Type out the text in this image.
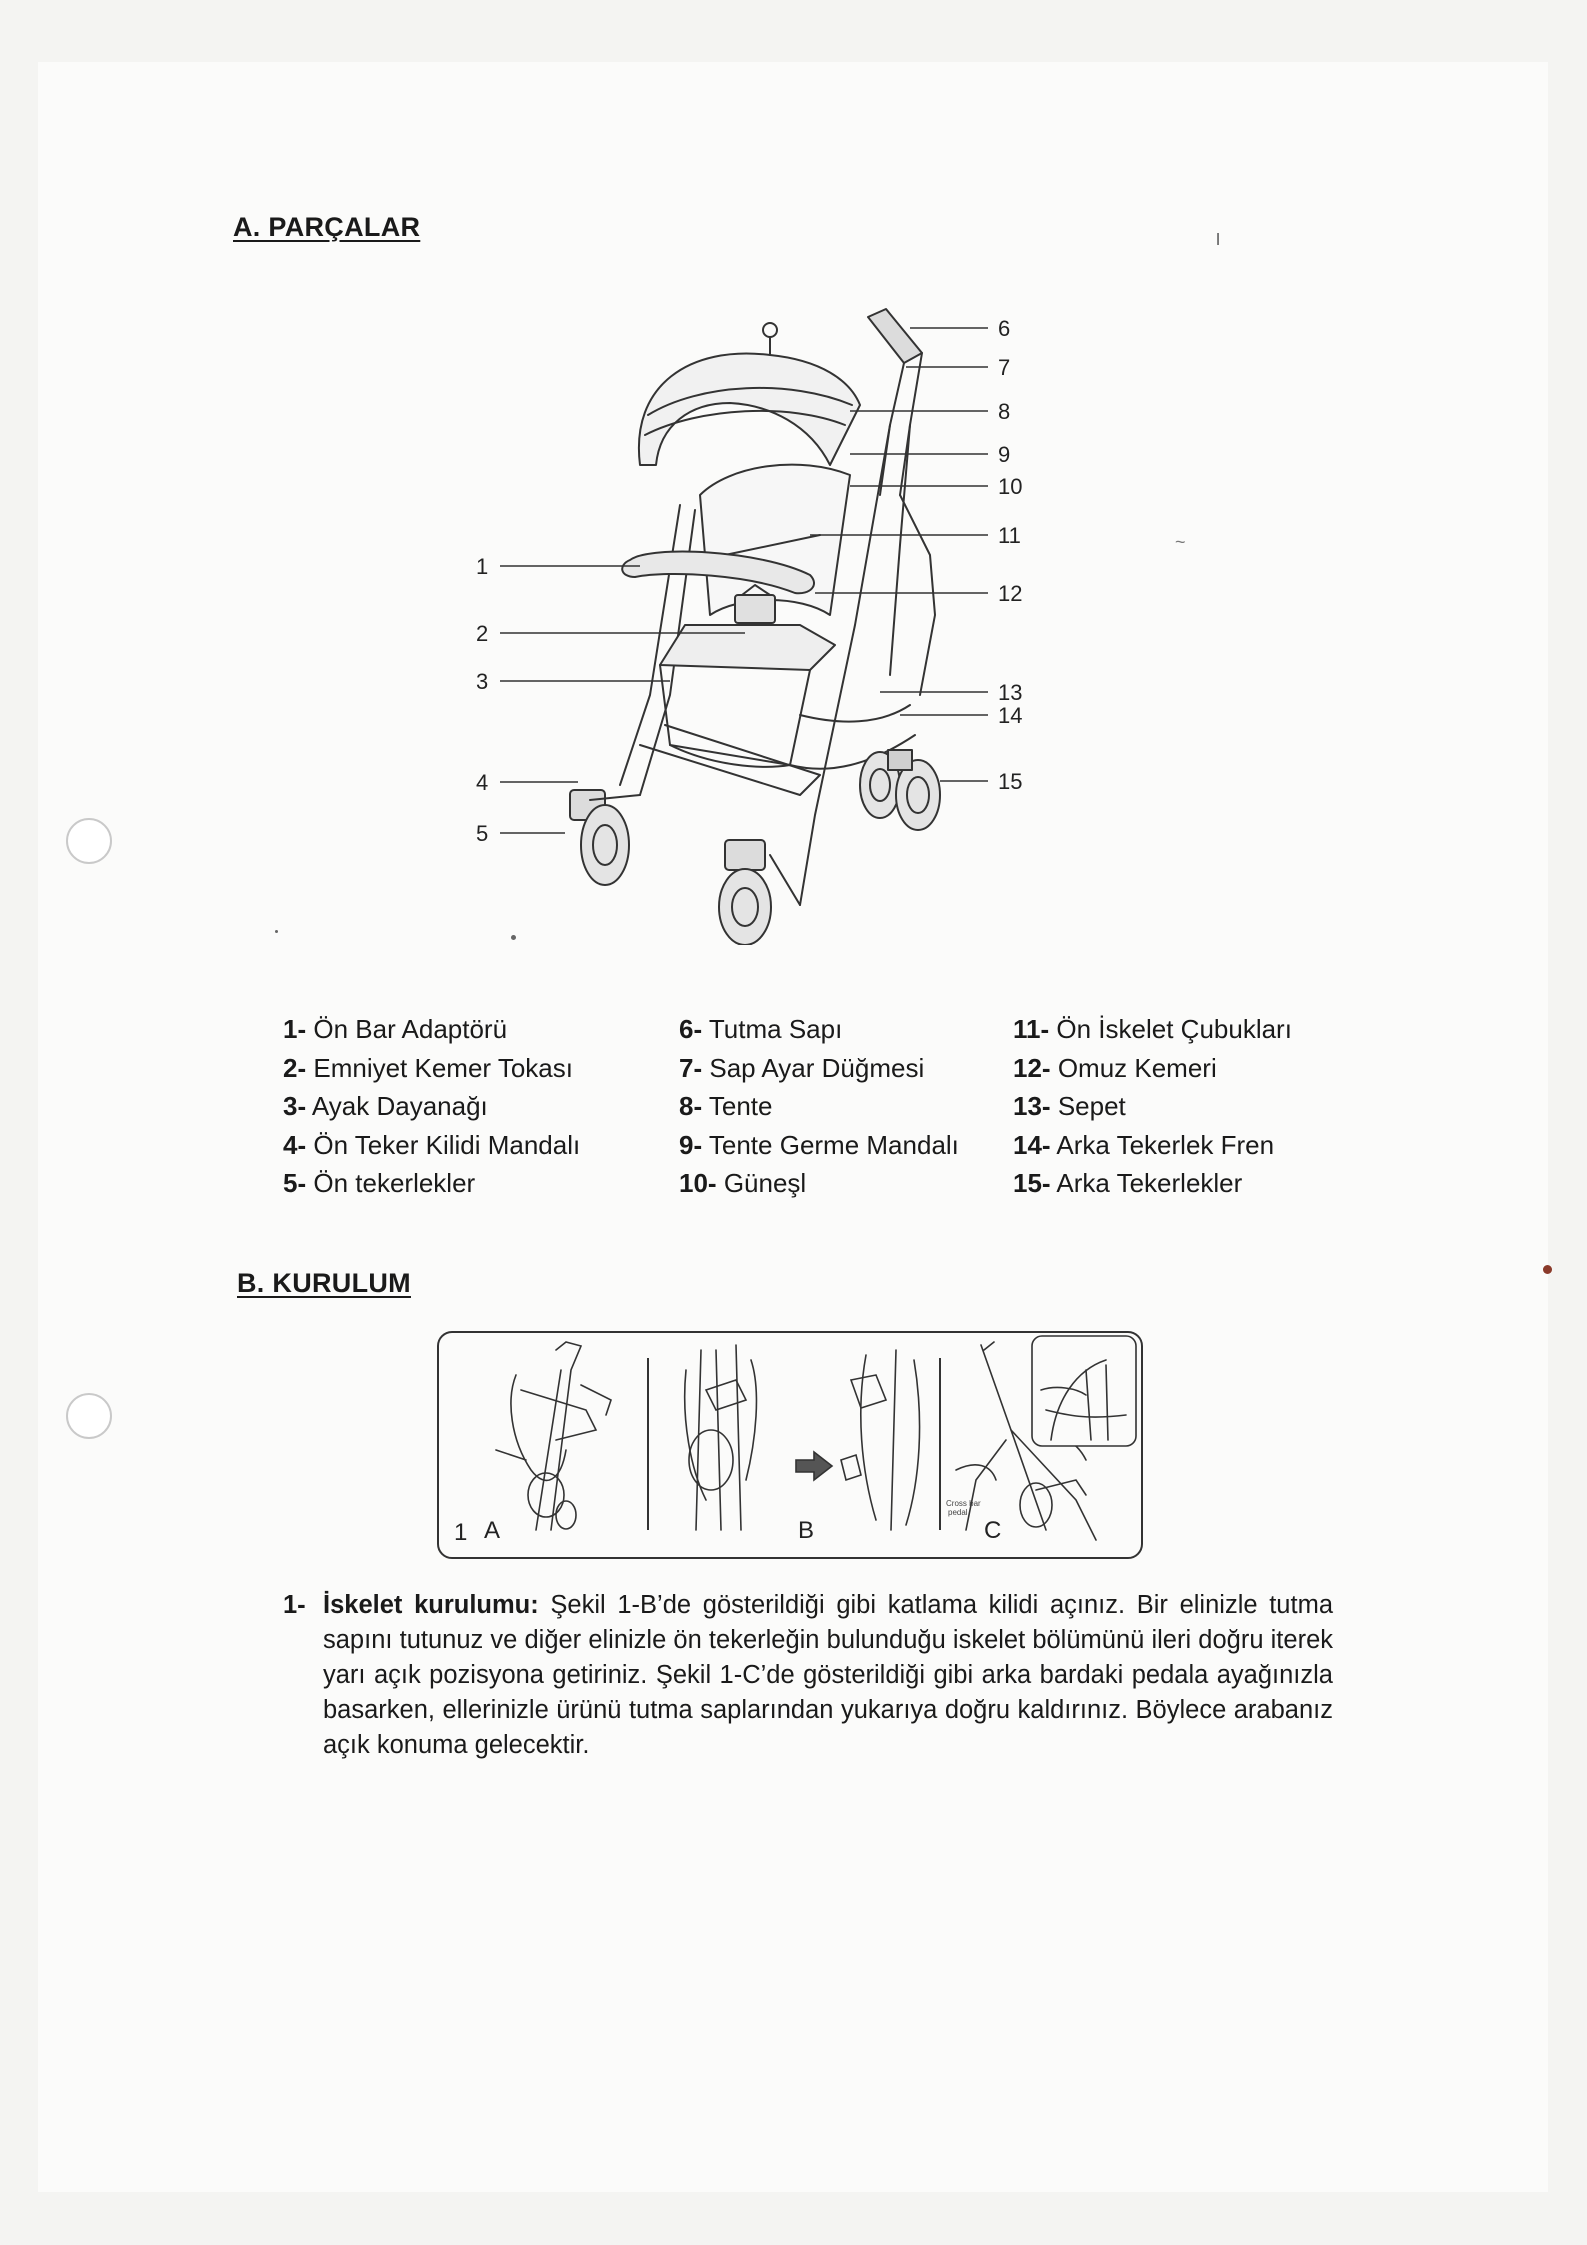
~
ı
A. PARÇALAR
1
2
3
4
5
6
7
8
9
10
11
12
13
14
15
1- Ön Bar Adaptörü
2- Emniyet Kemer Tokası
3- Ayak Dayanağı
4- Ön Teker Kilidi Mandalı
5- Ön tekerlekler
6- Tutma Sapı
7- Sap Ayar Düğmesi
8- Tente
9- Tente Germe Mandalı
10- Güneşl
11- Ön İskelet Çubukları
12- Omuz Kemeri
13- Sepet
14- Arka Tekerlek Fren
15- Arka Tekerlekler
B. KURULUM
1 A	B	C
Cross bar
pedal
1- İskelet kurulumu: Şekil 1-B’de gösterildiği gibi katlama kilidi açınız. Bir elinizle tutma sapını tutunuz ve diğer elinizle ön tekerleğin bulunduğu iskelet bölümünü ileri doğru iterek yarı açık pozisyona getiriniz. Şekil 1-C’de gösterildiği gibi arka bardaki pedala ayağınızla basarken, ellerinizle ürünü tutma saplarından yukarıya doğru kaldırınız. Böylece arabanız açık konuma gelecektir.
